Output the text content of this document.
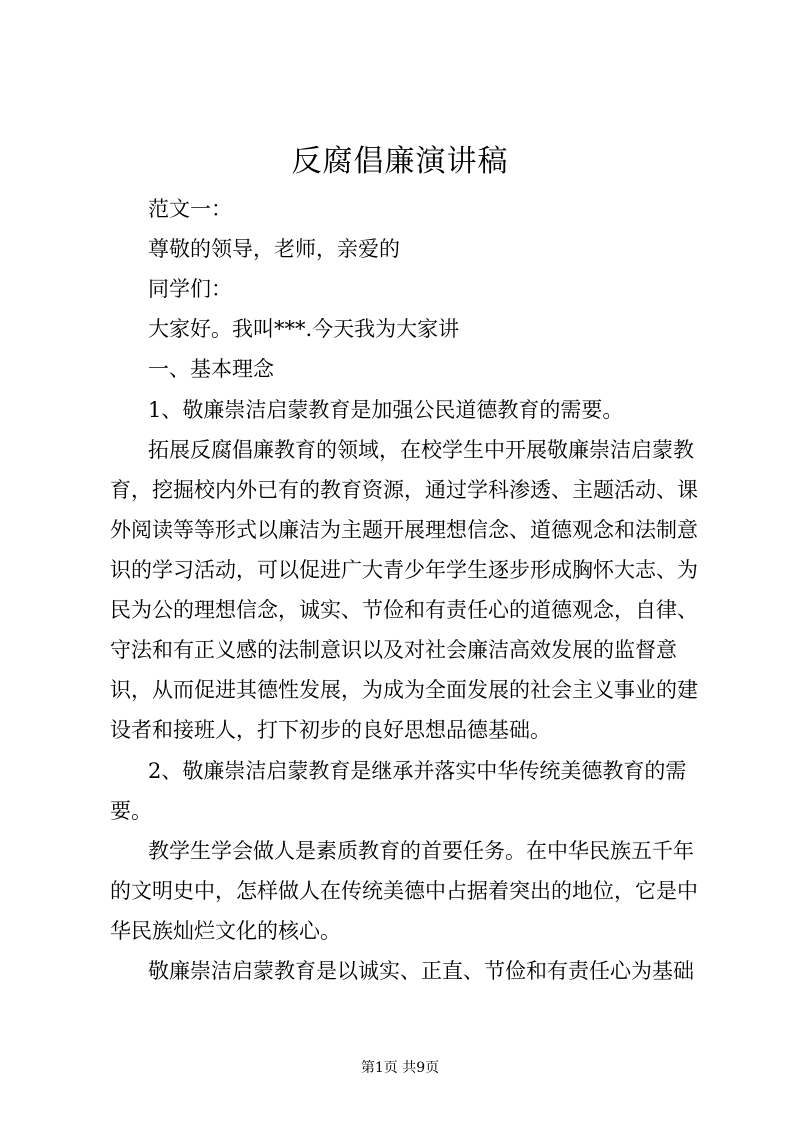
反腐倡廉演讲稿
范文一：
尊敬的领导，老师，亲爱的
同学们：
大家好。我叫***.今天我为大家讲
一、基本理念
1、敬廉崇洁启蒙教育是加强公民道德教育的需要。
拓展反腐倡廉教育的领域，在校学生中开展敬廉崇洁启蒙教
育，挖掘校内外已有的教育资源，通过学科渗透、主题活动、课
外阅读等等形式以廉洁为主题开展理想信念、道德观念和法制意
识的学习活动，可以促进广大青少年学生逐步形成胸怀大志、为
民为公的理想信念，诚实、节俭和有责任心的道德观念，自律、
守法和有正义感的法制意识以及对社会廉洁高效发展的监督意
识，从而促进其德性发展，为成为全面发展的社会主义事业的建
设者和接班人，打下初步的良好思想品德基础。
2、敬廉崇洁启蒙教育是继承并落实中华传统美德教育的需
要。
教学生学会做人是素质教育的首要任务。在中华民族五千年
的文明史中，怎样做人在传统美德中占据着突出的地位，它是中
华民族灿烂文化的核心。
敬廉崇洁启蒙教育是以诚实、正直、节俭和有责任心为基础
第1页 共9页
